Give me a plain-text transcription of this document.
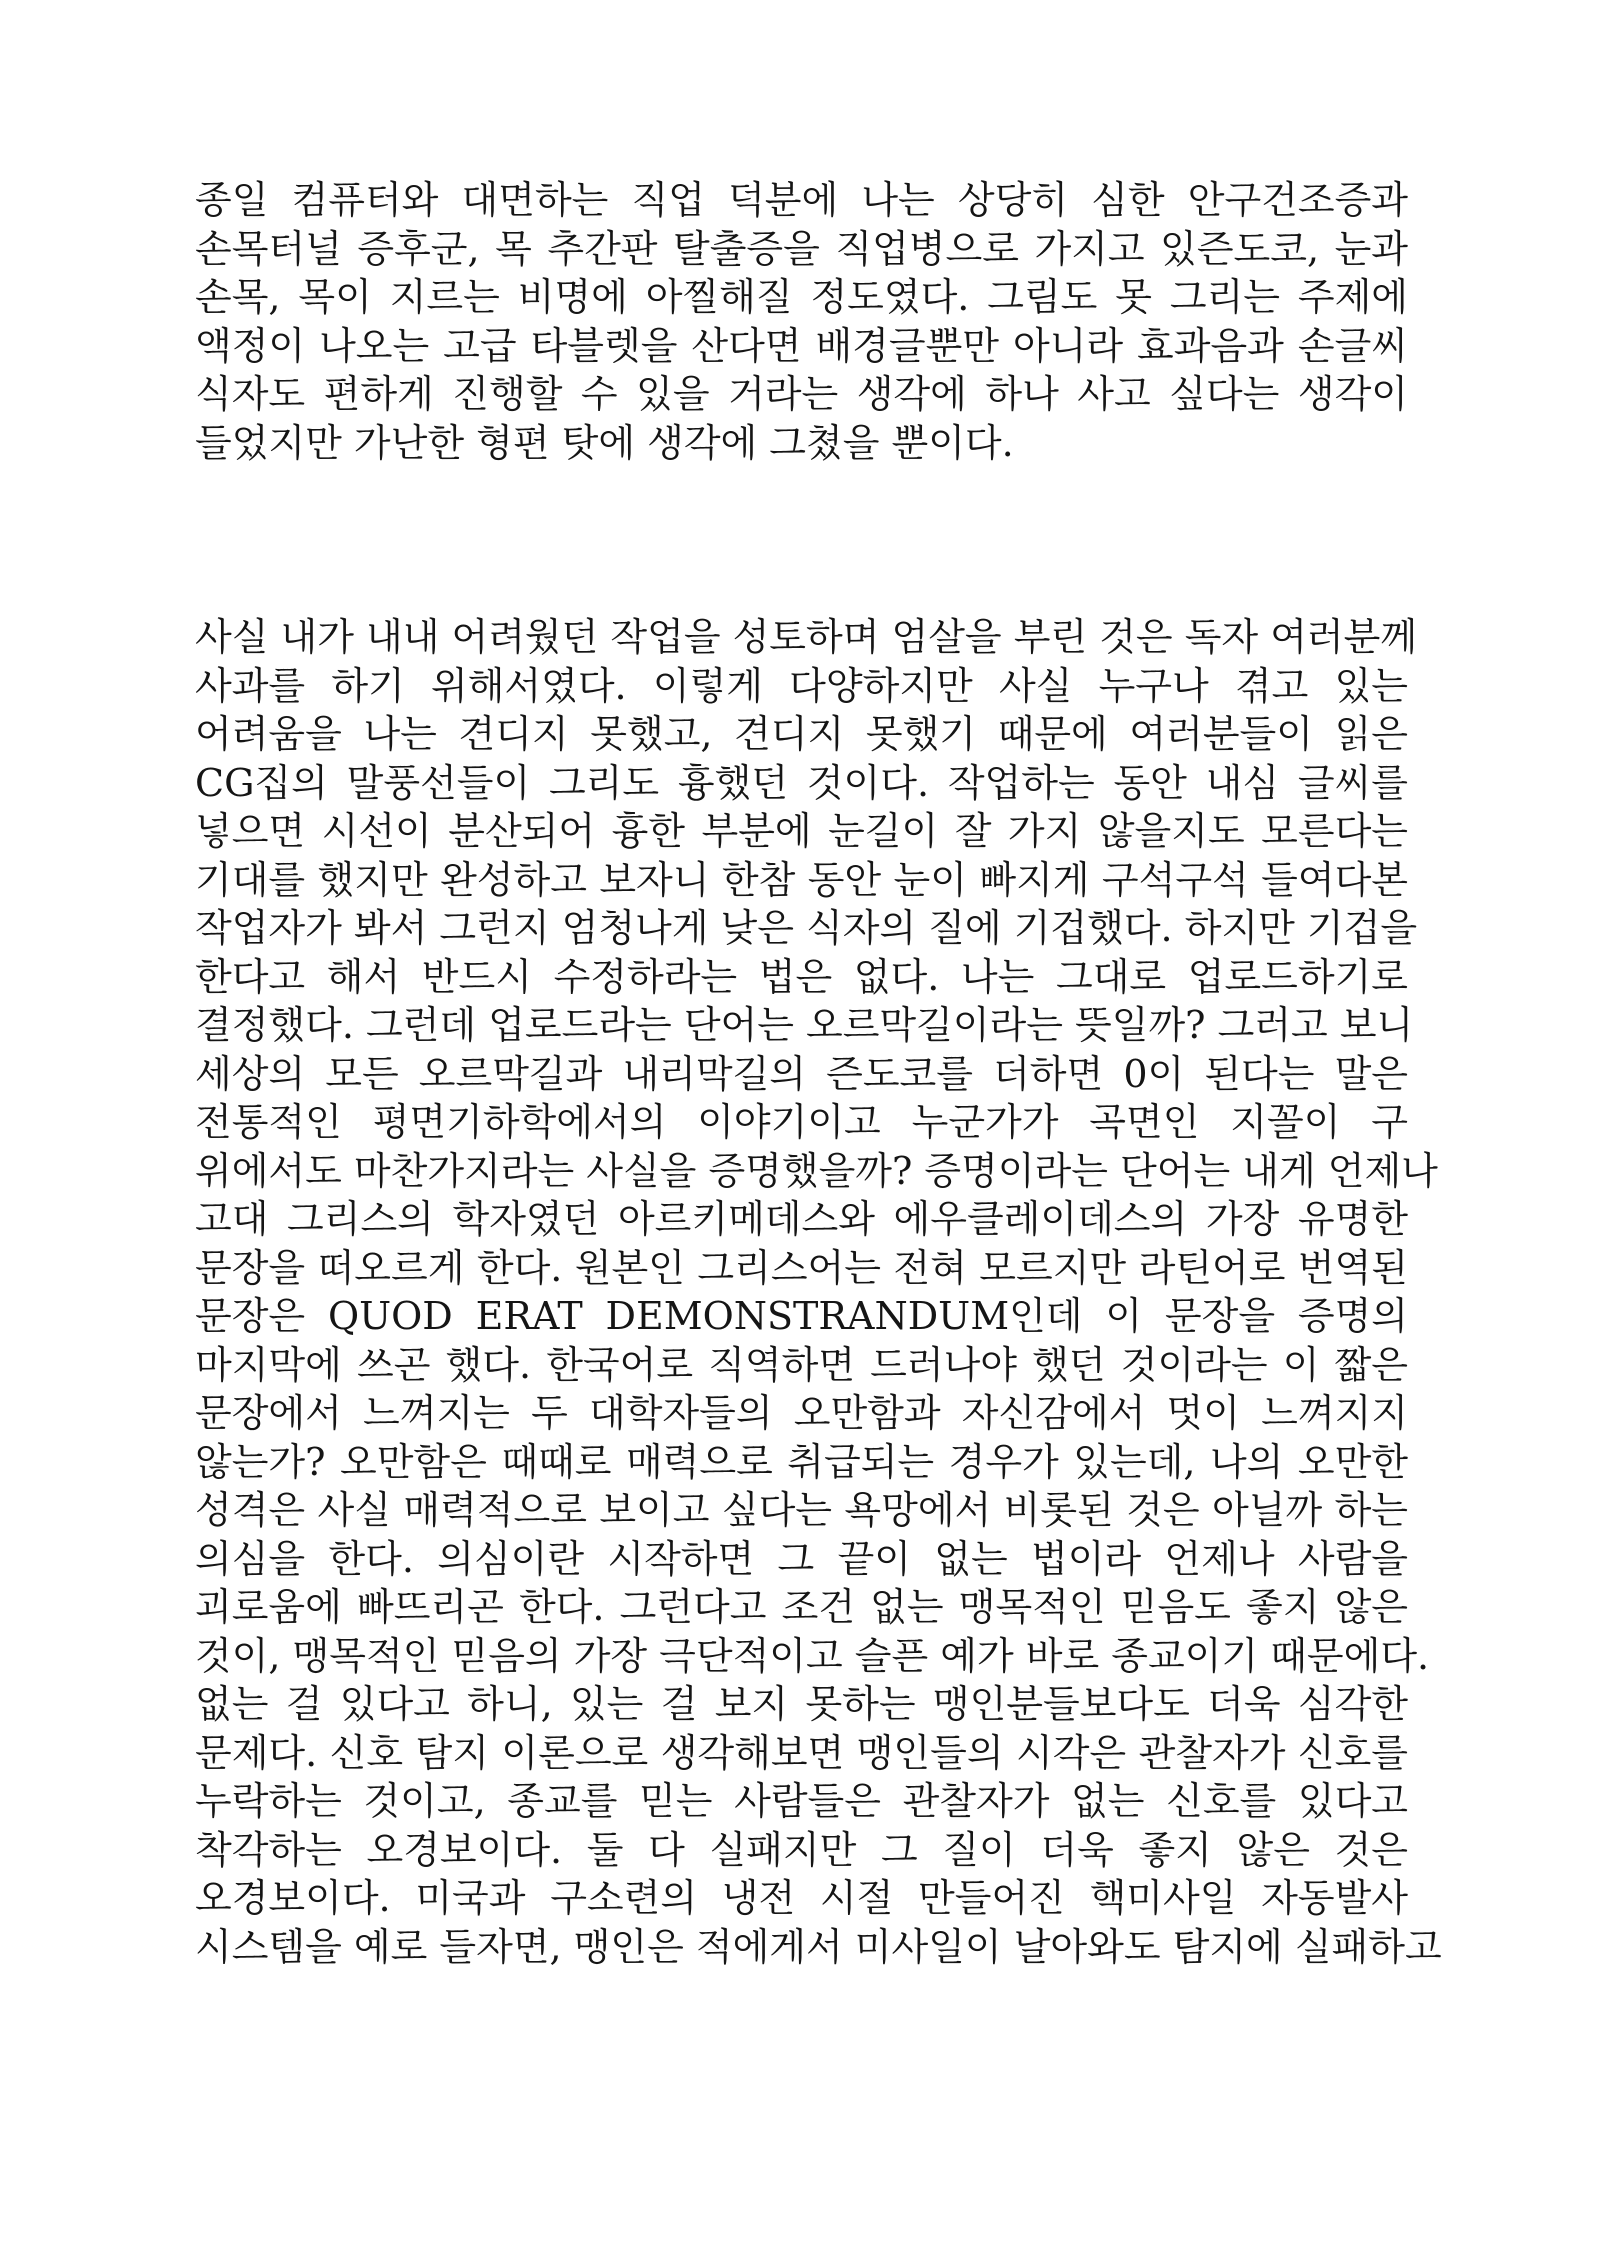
종일 컴퓨터와 대면하는 직업 덕분에 나는 상당히 심한 안구건조증과
손목터널 증후군, 목 추간판 탈출증을 직업병으로 가지고 있즌도코, 눈과
손목, 목이 지르는 비명에 아찔해질 정도였다. 그림도 못 그리는 주제에
액정이 나오는 고급 타블렛을 산다면 배경글뿐만 아니라 효과음과 손글씨
식자도 편하게 진행할 수 있을 거라는 생각에 하나 사고 싶다는 생각이
들었지만 가난한 형편 탓에 생각에 그쳤을 뿐이다.
사실 내가 내내 어려웠던 작업을 성토하며 엄살을 부린 것은 독자 여러분께
사과를 하기 위해서였다. 이렇게 다양하지만 사실 누구나 겪고 있는
어려움을 나는 견디지 못했고, 견디지 못했기 때문에 여러분들이 읽은
CG집의 말풍선들이 그리도 흉했던 것이다. 작업하는 동안 내심 글씨를
넣으면 시선이 분산되어 흉한 부분에 눈길이 잘 가지 않을지도 모른다는
기대를 했지만 완성하고 보자니 한참 동안 눈이 빠지게 구석구석 들여다본
작업자가 봐서 그런지 엄청나게 낮은 식자의 질에 기겁했다. 하지만 기겁을
한다고 해서 반드시 수정하라는 법은 없다. 나는 그대로 업로드하기로
결정했다. 그런데 업로드라는 단어는 오르막길이라는 뜻일까? 그러고 보니
세상의 모든 오르막길과 내리막길의 즌도코를 더하면 0이 된다는 말은
전통적인 평면기하학에서의 이야기이고 누군가가 곡면인 지꼴이 구
위에서도 마찬가지라는 사실을 증명했을까? 증명이라는 단어는 내게 언제나
고대 그리스의 학자였던 아르키메데스와 에우클레이데스의 가장 유명한
문장을 떠오르게 한다. 원본인 그리스어는 전혀 모르지만 라틴어로 번역된
문장은 QUOD ERAT DEMONSTRANDUM인데 이 문장을 증명의
마지막에 쓰곤 했다. 한국어로 직역하면 드러나야 했던 것이라는 이 짧은
문장에서 느껴지는 두 대학자들의 오만함과 자신감에서 멋이 느껴지지
않는가? 오만함은 때때로 매력으로 취급되는 경우가 있는데, 나의 오만한
성격은 사실 매력적으로 보이고 싶다는 욕망에서 비롯된 것은 아닐까 하는
의심을 한다. 의심이란 시작하면 그 끝이 없는 법이라 언제나 사람을
괴로움에 빠뜨리곤 한다. 그런다고 조건 없는 맹목적인 믿음도 좋지 않은
것이, 맹목적인 믿음의 가장 극단적이고 슬픈 예가 바로 종교이기 때문에다.
없는 걸 있다고 하니, 있는 걸 보지 못하는 맹인분들보다도 더욱 심각한
문제다. 신호 탐지 이론으로 생각해보면 맹인들의 시각은 관찰자가 신호를
누락하는 것이고, 종교를 믿는 사람들은 관찰자가 없는 신호를 있다고
착각하는 오경보이다. 둘 다 실패지만 그 질이 더욱 좋지 않은 것은
오경보이다. 미국과 구소련의 냉전 시절 만들어진 핵미사일 자동발사
시스템을 예로 들자면, 맹인은 적에게서 미사일이 날아와도 탐지에 실패하고
